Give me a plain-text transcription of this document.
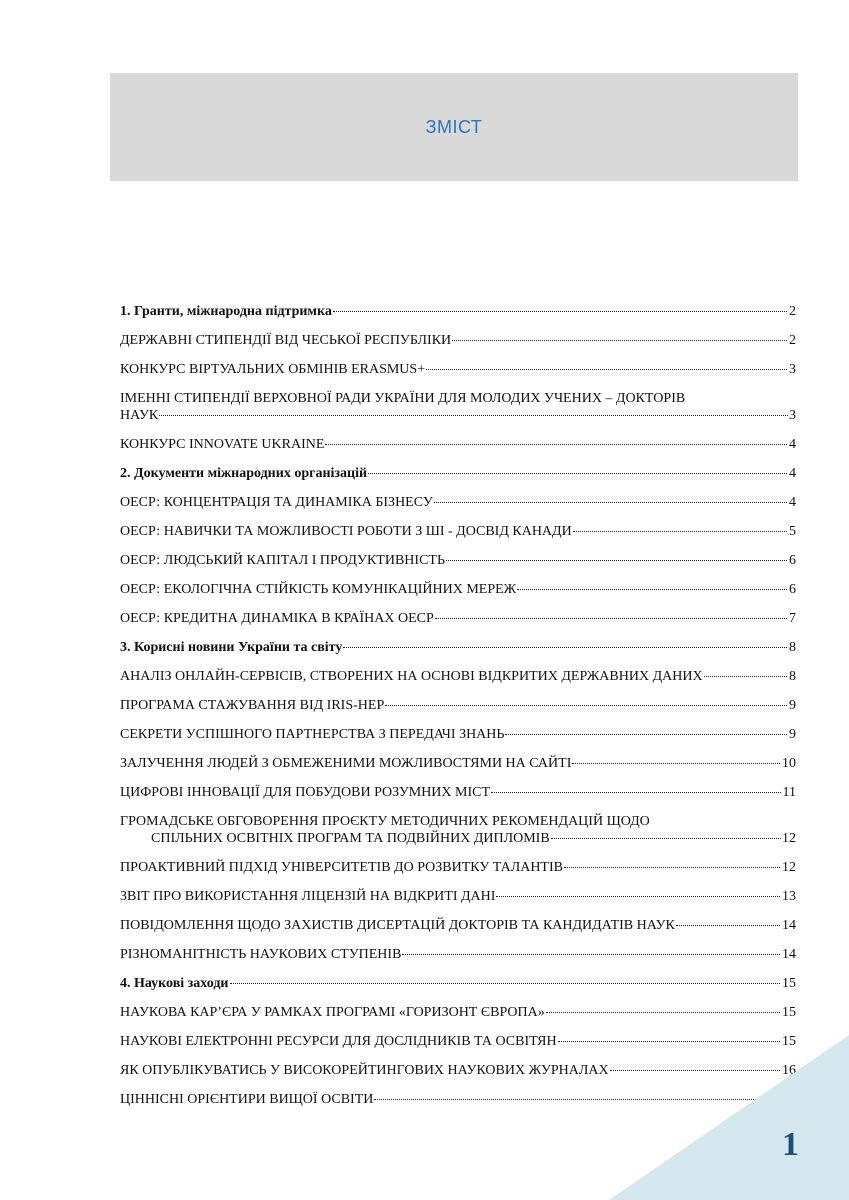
ЗМІСТ
1. Гранти, міжнародна підтримка	2
ДЕРЖАВНІ СТИПЕНДІЇ ВІД ЧЕСЬКОЇ РЕСПУБЛІКИ	2
КОНКУРС ВІРТУАЛЬНИХ ОБМІНІВ ERASMUS+	3
ІМЕННІ СТИПЕНДІЇ ВЕРХОВНОЇ РАДИ УКРАЇНИ ДЛЯ МОЛОДИХ УЧЕНИХ – ДОКТОРІВ
НАУК	3
КОНКУРС INNOVATE UKRAINE	4
2. Документи міжнародних організацій	4
ОЕСР: КОНЦЕНТРАЦІЯ ТА ДИНАМІКА БІЗНЕСУ	4
ОЕСР: НАВИЧКИ ТА МОЖЛИВОСТІ РОБОТИ З ШІ - ДОСВІД КАНАДИ	5
ОЕСР: ЛЮДСЬКИЙ КАПІТАЛ І ПРОДУКТИВНІСТЬ	6
ОЕСР: ЕКОЛОГІЧНА СТІЙКІСТЬ КОМУНІКАЦІЙНИХ МЕРЕЖ	6
ОЕСР: КРЕДИТНА ДИНАМІКА В КРАЇНАХ ОЕСР	7
3. Корисні новини України та світу	8
АНАЛІЗ ОНЛАЙН-СЕРВІСІВ, СТВОРЕНИХ НА ОСНОВІ ВІДКРИТИХ ДЕРЖАВНИХ ДАНИХ	8
ПРОГРАМА СТАЖУВАННЯ ВІД IRIS-HEP	9
СЕКРЕТИ УСПІШНОГО ПАРТНЕРСТВА З ПЕРЕДАЧІ ЗНАНЬ	9
ЗАЛУЧЕННЯ ЛЮДЕЙ З ОБМЕЖЕНИМИ МОЖЛИВОСТЯМИ НА САЙТІ	10
ЦИФРОВІ ІННОВАЦІЇ ДЛЯ ПОБУДОВИ РОЗУМНИХ МІСТ	11
ГРОМАДСЬКЕ ОБГОВОРЕННЯ ПРОЄКТУ МЕТОДИЧНИХ РЕКОМЕНДАЦІЙ ЩОДО
СПІЛЬНИХ ОСВІТНІХ ПРОГРАМ ТА ПОДВІЙНИХ ДИПЛОМІВ	12
ПРОАКТИВНИЙ ПІДХІД УНІВЕРСИТЕТІВ ДО РОЗВИТКУ ТАЛАНТІВ	12
ЗВІТ ПРО ВИКОРИСТАННЯ ЛІЦЕНЗІЙ НА ВІДКРИТІ ДАНІ	13
ПОВІДОМЛЕННЯ ЩОДО ЗАХИСТІВ ДИСЕРТАЦІЙ ДОКТОРІВ ТА КАНДИДАТІВ НАУК	14
РІЗНОМАНІТНІСТЬ НАУКОВИХ СТУПЕНІВ	14
4. Наукові заходи	15
НАУКОВА КАР’ЄРА У РАМКАХ ПРОГРАМІ «ГОРИЗОНТ ЄВРОПА»	15
НАУКОВІ ЕЛЕКТРОННІ РЕСУРСИ ДЛЯ ДОСЛІДНИКІВ ТА ОСВІТЯН	15
ЯК ОПУБЛІКУВАТИСЬ У ВИСОКОРЕЙТИНГОВИХ НАУКОВИХ ЖУРНАЛАХ	16
ЦІННІСНІ ОРІЄНТИРИ ВИЩОЇ ОСВІТИ	16
1
